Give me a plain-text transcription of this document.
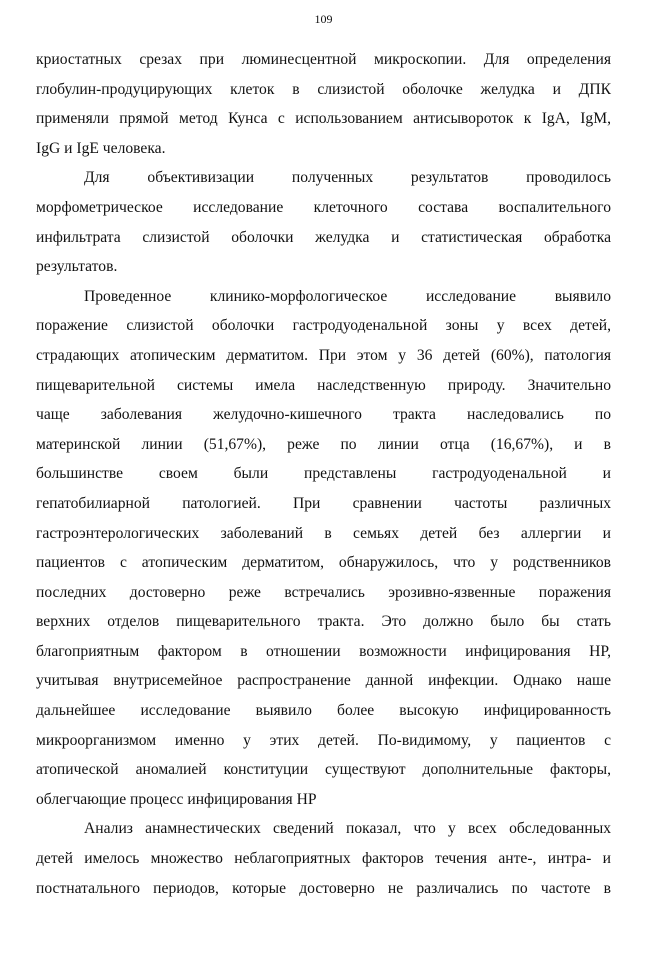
109
криостатных срезах при люминесцентной микроскопии. Для определения
глобулин-продуцирующих клеток в слизистой оболочке желудка и ДПК
применяли прямой метод Кунса с использованием антисывороток к IgA, IgM,
IgG и IgE человека.
Для объективизации полученных результатов проводилось
морфометрическое исследование клеточного состава воспалительного
инфильтрата слизистой оболочки желудка и статистическая обработка
результатов.
Проведенное клинико-морфологическое исследование выявило
поражение слизистой оболочки гастродуоденальной зоны у всех детей,
страдающих атопическим дерматитом. При этом у 36 детей (60%), патология
пищеварительной системы имела наследственную природу. Значительно
чаще заболевания желудочно-кишечного тракта наследовались по
материнской линии (51,67%), реже по линии отца (16,67%), и в
большинстве своем были представлены гастродуоденальной и
гепатобилиарной патологией. При сравнении частоты различных
гастроэнтерологических заболеваний в семьях детей без аллергии и
пациентов с атопическим дерматитом, обнаружилось, что у родственников
последних достоверно реже встречались эрозивно-язвенные поражения
верхних отделов пищеварительного тракта. Это должно было бы стать
благоприятным фактором в отношении возможности инфицирования НР,
учитывая внутрисемейное распространение данной инфекции. Однако наше
дальнейшее исследование выявило более высокую инфицированность
микроорганизмом именно у этих детей. По-видимому, у пациентов с
атопической аномалией конституции существуют дополнительные факторы,
облегчающие процесс инфицирования НР
Анализ анамнестических сведений показал, что у всех обследованных
детей имелось множество неблагоприятных факторов течения анте-, интра- и
постнатального периодов, которые достоверно не различались по частоте в
